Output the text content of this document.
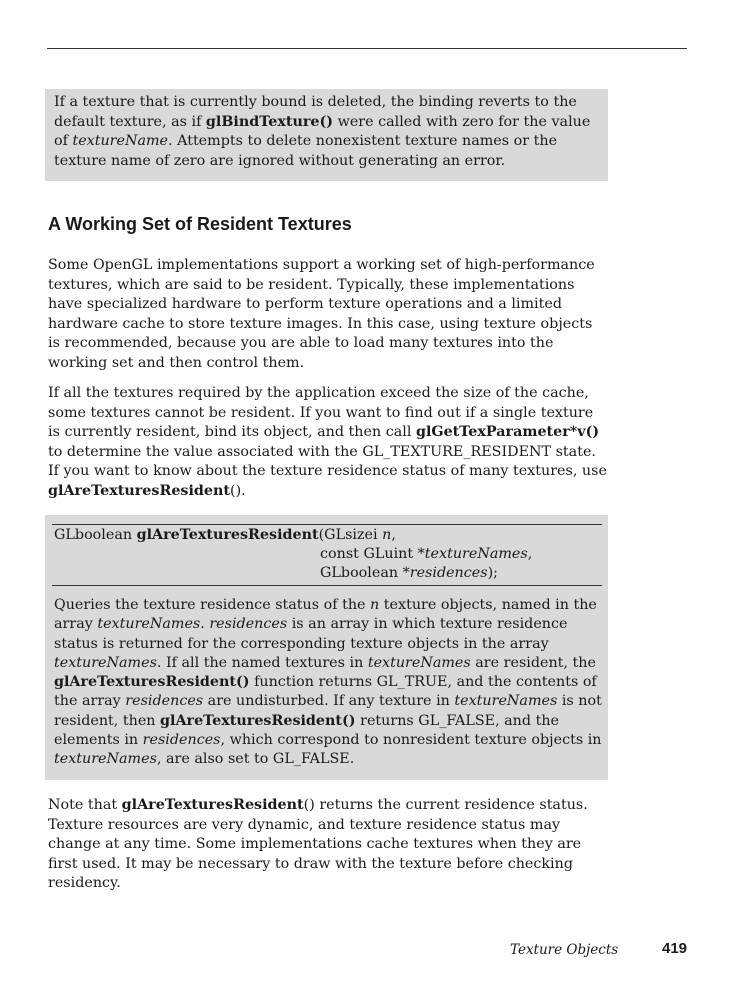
If a texture that is currently bound is deleted, the binding reverts to the default texture, as if glBindTexture() were called with zero for the value of textureName. Attempts to delete nonexistent texture names or the texture name of zero are ignored without generating an error.
A Working Set of Resident Textures

Some OpenGL implementations support a working set of high-performance textures, which are said to be resident. Typically, these implementations have specialized hardware to perform texture operations and a limited hardware cache to store texture images. In this case, using texture objects is recommended, because you are able to load many textures into the working set and then control them.

If all the textures required by the application exceed the size of the cache, some textures cannot be resident. If you want to find out if a single texture is currently resident, bind its object, and then call glGetTexParameter*v() to determine the value associated with the GL_TEXTURE_RESIDENT state. If you want to know about the texture residence status of many textures, use glAreTexturesResident().

GLboolean glAreTexturesResident(GLsizei n,
const GLuint *textureNames,
GLboolean *residences);
Queries the texture residence status of the n texture objects, named in the array textureNames. residences is an array in which texture residence status is returned for the corresponding texture objects in the array textureNames. If all the named textures in textureNames are resident, the glAreTexturesResident() function returns GL_TRUE, and the contents of the array residences are undisturbed. If any texture in textureNames is not resident, then glAreTexturesResident() returns GL_FALSE, and the elements in residences, which correspond to nonresident texture objects in textureNames, are also set to GL_FALSE.

Note that glAreTexturesResident() returns the current residence status. Texture resources are very dynamic, and texture residence status may change at any time. Some implementations cache textures when they are first used. It may be necessary to draw with the texture before checking residency.

Texture Objects	419
